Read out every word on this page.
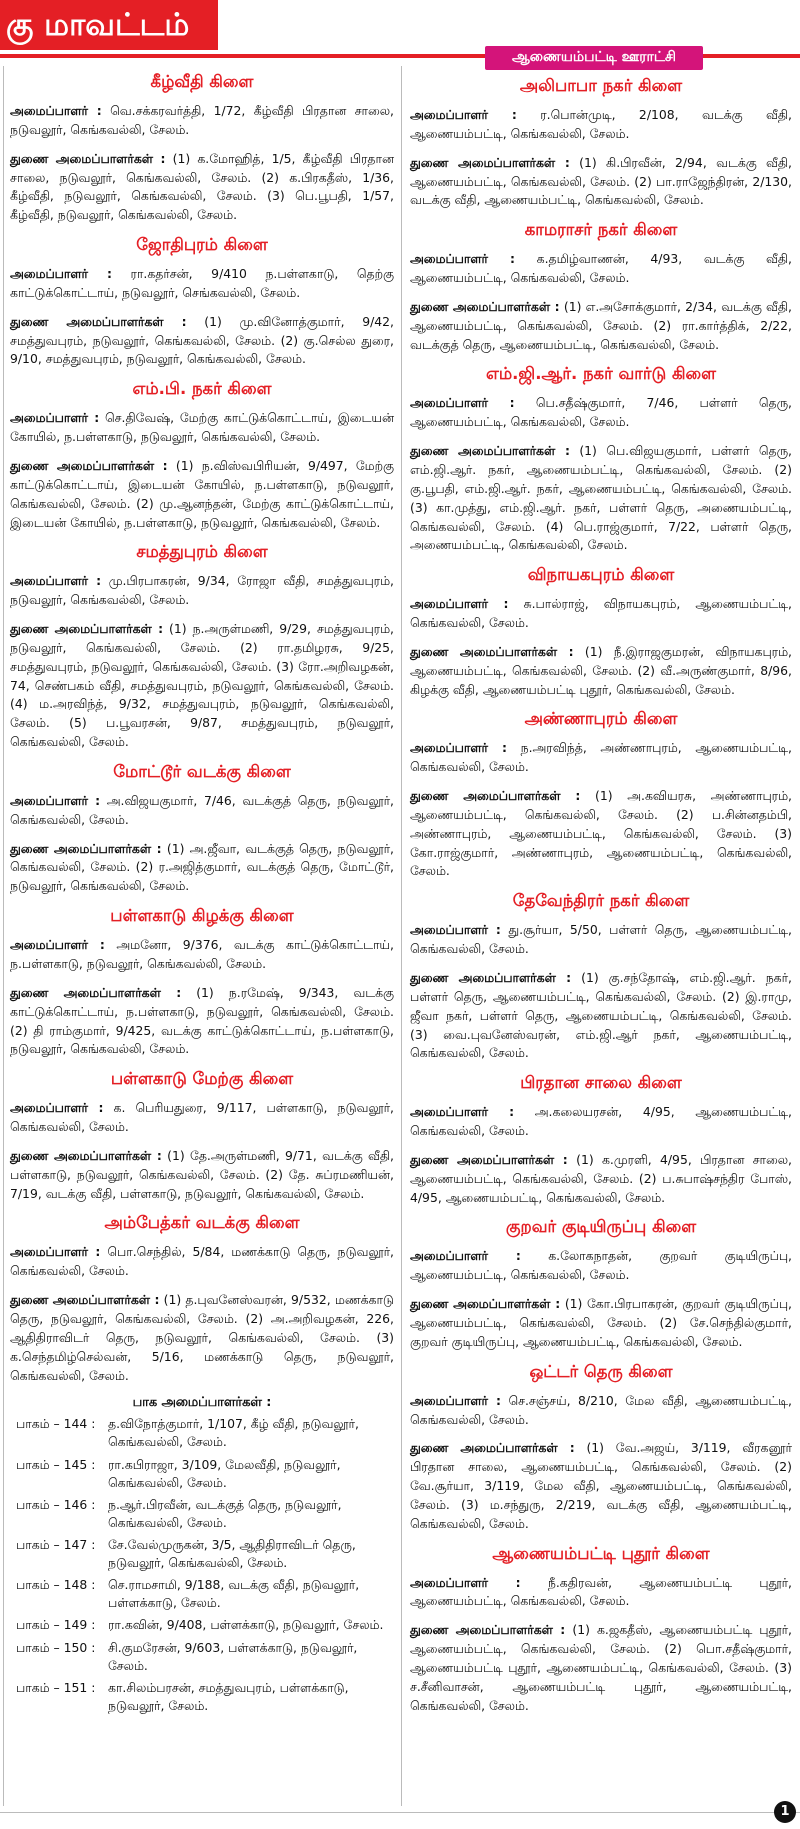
கு மாவட்டம்
கீழ்வீதி கிளை
அமைப்பாளர் : வெ.சக்கரவர்த்தி, 1/72, கீழ்வீதி பிரதான சாலை, நடுவலூர், கெங்கவல்லி, சேலம்.
துணை அமைப்பாளர்கள் : (1) க.மோஹித், 1/5, கீழ்வீதி பிரதான சாலை, நடுவலூர், கெங்கவல்லி, சேலம். (2) க.பிரகதீஸ், 1/36, கீழ்வீதி, நடுவலூர், கெங்கவல்லி, சேலம். (3) பெ.பூபதி, 1/57, கீழ்வீதி, நடுவலூர், கெங்கவல்லி, சேலம்.
ஜோதிபுரம் கிளை
அமைப்பாளர் : ரா.கதர்சன், 9/410 ந.பள்ளகாடு, தெற்கு காட்டுக்கொட்டாய், நடுவலூர், செங்கவல்லி, சேலம்.
துணை அமைப்பாளர்கள் : (1) மு.வினோத்குமார், 9/42, சமத்துவபுரம், நடுவலூர், கெங்கவல்லி, சேலம். (2) கு.செல்ல துரை, 9/10, சமத்துவபுரம், நடுவலூர், கெங்கவல்லி, சேலம்.
எம்.பி. நகர் கிளை
அமைப்பாளர் : செ.திவேஷ், மேற்கு காட்டுக்கொட்டாய், இடையன் கோயில், ந.பள்ளகாடு, நடுவலூர், கெங்கவல்லி, சேலம்.
துணை அமைப்பாளர்கள் : (1) ந.விஸ்வபிரியன், 9/497, மேற்கு காட்டுக்கொட்டாய், இடையன் கோயில், ந.பள்ளகாடு, நடுவலூர், கெங்கவல்லி, சேலம். (2) மு.ஆனந்தன், மேற்கு காட்டுக்கொட்டாய், இடையன் கோயில், ந.பள்ளகாடு, நடுவலூர், கெங்கவல்லி, சேலம்.
சமத்துபுரம் கிளை
அமைப்பாளர் : மு.பிரபாகரன், 9/34, ரோஜா வீதி, சமத்துவபுரம், நடுவலூர், கெங்கவல்லி, சேலம்.
துணை அமைப்பாளர்கள் : (1) ந.அருள்மணி, 9/29, சமத்துவபுரம், நடுவலூர், கெங்கவல்லி, சேலம். (2) ரா.தமிழரசு, 9/25, சமத்துவபுரம், நடுவலூர், கெங்கவல்லி, சேலம். (3) ரோ.அறிவழகன், 74, செண்பகம் வீதி, சமத்துவபுரம், நடுவலூர், கெங்கவல்லி, சேலம். (4) ம.அரவிந்த், 9/32, சமத்துவபுரம், நடுவலூர், கெங்கவல்லி, சேலம். (5) ப.பூவரசன், 9/87, சமத்துவபுரம், நடுவலூர், கெங்கவல்லி, சேலம்.
மோட்டூர் வடக்கு கிளை
அமைப்பாளர் : அ.விஜயகுமார், 7/46, வடக்குத் தெரு, நடுவலூர், கெங்கவல்லி, சேலம்.
துணை அமைப்பாளர்கள் : (1) அ.ஜீவா, வடக்குத் தெரு, நடுவலூர், கெங்கவல்லி, சேலம். (2) ர.அஜித்குமார், வடக்குத் தெரு, மோட்டூர், நடுவலூர், கெங்கவல்லி, சேலம்.
பள்ளகாடு கிழக்கு கிளை
அமைப்பாளர் : அமனோ, 9/376, வடக்கு காட்டுக்கொட்டாய், ந.பள்ளகாடு, நடுவலூர், கெங்கவல்லி, சேலம்.
துணை அமைப்பாளர்கள் : (1) ந.ரமேஷ், 9/343, வடக்கு காட்டுக்கொட்டாய், ந.பள்ளகாடு, நடுவலூர், கெங்கவல்லி, சேலம். (2) தி ராம்குமார், 9/425, வடக்கு காட்டுக்கொட்டாய், ந.பள்ளகாடு, நடுவலூர், கெங்கவல்லி, சேலம்.
பள்ளகாடு மேற்கு கிளை
அமைப்பாளர் : க. பெரியதுரை, 9/117, பள்ளகாடு, நடுவலூர், கெங்கவல்லி, சேலம்.
துணை அமைப்பாளர்கள் : (1) தே.அருள்மணி, 9/71, வடக்கு வீதி, பள்ளகாடு, நடுவலூர், கெங்கவல்லி, சேலம். (2) தே. சுப்ரமணியன், 7/19, வடக்கு வீதி, பள்ளகாடு, நடுவலூர், கெங்கவல்லி, சேலம்.
அம்பேத்கர் வடக்கு கிளை
அமைப்பாளர் : பொ.செந்தில், 5/84, மணக்காடு தெரு, நடுவலூர், கெங்கவல்லி, சேலம்.
துணை அமைப்பாளர்கள் : (1) த.புவனேஸ்வரன், 9/532, மணக்காடு தெரு, நடுவலூர், கெங்கவல்லி, சேலம். (2) அ.அறிவழகன், 226, ஆதிதிராவிடர் தெரு, நடுவலூர், கெங்கவல்லி, சேலம். (3) க.செந்தமிழ்செல்வன், 5/16, மணக்காடு தெரு, நடுவலூர், கெங்கவல்லி, சேலம்.
பாக அமைப்பாளர்கள் :
பாகம் – 144 :	த.விநோத்குமார், 1/107, கீழ் வீதி, நடுவலூர், கெங்கவல்லி, சேலம்.
பாகம் – 145 :	ரா.கபிராஜா, 3/109, மேலவீதி, நடுவலூர், கெங்கவல்லி, சேலம்.
பாகம் – 146 :	ந.ஆர்.பிரவீன், வடக்குத் தெரு, நடுவலூர், கெங்கவல்லி, சேலம்.
பாகம் – 147 :	சே.வேல்முருகன், 3/5, ஆதிதிராவிடர் தெரு, நடுவலூர், கெங்கவல்லி, சேலம்.
பாகம் – 148 :	செ.ராமசாமி, 9/188, வடக்கு வீதி, நடுவலூர், பள்ளக்காடு, சேலம்.
பாகம் – 149 :	ரா.கவின், 9/408, பள்ளக்காடு, நடுவலூர், சேலம்.
பாகம் – 150 :	சி.குமரேசன், 9/603, பள்ளக்காடு, நடுவலூர், சேலம்.
பாகம் – 151 :	கா.சிலம்பரசன், சமத்துவபுரம், பள்ளக்காடு, நடுவலூர், சேலம்.
ஆணையம்பட்டி ஊராட்சி
அலிபாபா நகர் கிளை
அமைப்பாளர் : ர.பொன்முடி, 2/108, வடக்கு வீதி, ஆணையம்பட்டி, கெங்கவல்லி, சேலம்.
துணை அமைப்பாளர்கள் : (1) கி.பிரவீன், 2/94, வடக்கு வீதி, ஆணையம்பட்டி, கெங்கவல்லி, சேலம். (2) பா.ராஜேந்திரன், 2/130, வடக்கு வீதி, ஆணையம்பட்டி, கெங்கவல்லி, சேலம்.
காமராசர் நகர் கிளை
அமைப்பாளர் : க.தமிழ்வாணன், 4/93, வடக்கு வீதி, ஆணையம்பட்டி, கெங்கவல்லி, சேலம்.
துணை அமைப்பாளர்கள் : (1) எ.அசோக்குமார், 2/34, வடக்கு வீதி, ஆணையம்பட்டி, கெங்கவல்லி, சேலம். (2) ரா.கார்த்திக், 2/22, வடக்குத் தெரு, ஆணையம்பட்டி, கெங்கவல்லி, சேலம்.
எம்.ஜி.ஆர். நகர் வார்டு கிளை
அமைப்பாளர் : பெ.சதீஷ்குமார், 7/46, பள்ளர் தெரு, ஆணையம்பட்டி, கெங்கவல்லி, சேலம்.
துணை அமைப்பாளர்கள் : (1) பெ.விஜயகுமார், பள்ளர் தெரு, எம்.ஜி.ஆர். நகர், ஆணையம்பட்டி, கெங்கவல்லி, சேலம். (2) கு.பூபதி, எம்.ஜி.ஆர். நகர், ஆணையம்பட்டி, கெங்கவல்லி, சேலம். (3) கா.முத்து, எம்.ஜி.ஆர். நகர், பள்ளர் தெரு, அணையம்பட்டி, கெங்கவல்லி, சேலம். (4) பெ.ராஜ்குமார், 7/22, பள்ளர் தெரு, அணையம்பட்டி, கெங்கவல்லி, சேலம்.
விநாயகபுரம் கிளை
அமைப்பாளர் : சு.பால்ராஜ், விநாயகபுரம், ஆணையம்பட்டி, கெங்கவல்லி, சேலம்.
துணை அமைப்பாளர்கள் : (1) நீ.இராஜகுமரன், விநாயகபுரம், ஆணையம்பட்டி, கெங்கவல்லி, சேலம். (2) வீ.அருண்குமார், 8/96, கிழக்கு வீதி, ஆணையம்பட்டி புதூர், கெங்கவல்லி, சேலம்.
அண்ணாபுரம் கிளை
அமைப்பாளர் : ந.அரவிந்த், அண்ணாபுரம், ஆணையம்பட்டி, கெங்கவல்லி, சேலம்.
துணை அமைப்பாளர்கள் : (1) அ.கவியரசு, அண்ணாபுரம், ஆணையம்பட்டி, கெங்கவல்லி, சேலம். (2) ப.சின்னதம்பி, அண்ணாபுரம், ஆணையம்பட்டி, கெங்கவல்லி, சேலம். (3) கோ.ராஜ்குமார், அண்ணாபுரம், ஆணையம்பட்டி, கெங்கவல்லி, சேலம்.
தேவேந்திரர் நகர் கிளை
அமைப்பாளர் : து.சூர்யா, 5/50, பள்ளர் தெரு, ஆணையம்பட்டி, கெங்கவல்லி, சேலம்.
துணை அமைப்பாளர்கள் : (1) கு.சந்தோஷ், எம்.ஜி.ஆர். நகர், பள்ளர் தெரு, ஆணையம்பட்டி, கெங்கவல்லி, சேலம். (2) இ.ராமு, ஜீவா நகர், பள்ளர் தெரு, ஆணையம்பட்டி, கெங்கவல்லி, சேலம். (3) வை.புவனேஸ்வரன், எம்.ஜி.ஆர் நகர், ஆணையம்பட்டி, கெங்கவல்லி, சேலம்.
பிரதான சாலை கிளை
அமைப்பாளர் : அ.கலையரசன், 4/95, ஆணையம்பட்டி, கெங்கவல்லி, சேலம்.
துணை அமைப்பாளர்கள் : (1) க.முரளி, 4/95, பிரதான சாலை, ஆணையம்பட்டி, கெங்கவல்லி, சேலம். (2) ப.சுபாஷ்சந்திர போஸ், 4/95, ஆணையம்பட்டி, கெங்கவல்லி, சேலம்.
குறவர் குடியிருப்பு கிளை
அமைப்பாளர் : க.லோகநாதன், குறவர் குடியிருப்பு, ஆணையம்பட்டி, கெங்கவல்லி, சேலம்.
துணை அமைப்பாளர்கள் : (1) கோ.பிரபாகரன், குறவர் குடியிருப்பு, ஆணையம்பட்டி, கெங்கவல்லி, சேலம். (2) சே.செந்தில்குமார், குறவர் குடியிருப்பு, ஆணையம்பட்டி, கெங்கவல்லி, சேலம்.
ஒட்டர் தெரு கிளை
அமைப்பாளர் : செ.சஞ்சய், 8/210, மேல வீதி, ஆணையம்பட்டி, கெங்கவல்லி, சேலம்.
துணை அமைப்பாளர்கள் : (1) வே.அஜய், 3/119, வீரகனூர் பிரதான சாலை, ஆணையம்பட்டி, கெங்கவல்லி, சேலம். (2) வே.சூர்யா, 3/119, மேல வீதி, ஆணையம்பட்டி, கெங்கவல்லி, சேலம். (3) ம.சந்துரு, 2/219, வடக்கு வீதி, ஆணையம்பட்டி, கெங்கவல்லி, சேலம்.
ஆணையம்பட்டி புதூர் கிளை
அமைப்பாளர் : நீ.கதிரவன், ஆணையம்பட்டி புதூர், ஆணையம்பட்டி, கெங்கவல்லி, சேலம்.
துணை அமைப்பாளர்கள் : (1) க.ஜகதீஸ், ஆணையம்பட்டி புதூர், ஆணையம்பட்டி, கெங்கவல்லி, சேலம். (2) பொ.சதீஷ்குமார், ஆணையம்பட்டி புதூர், ஆணையம்பட்டி, கெங்கவல்லி, சேலம். (3) ச.சீனிவாசன், ஆணையம்பட்டி புதூர், ஆணையம்பட்டி, கெங்கவல்லி, சேலம்.
1
